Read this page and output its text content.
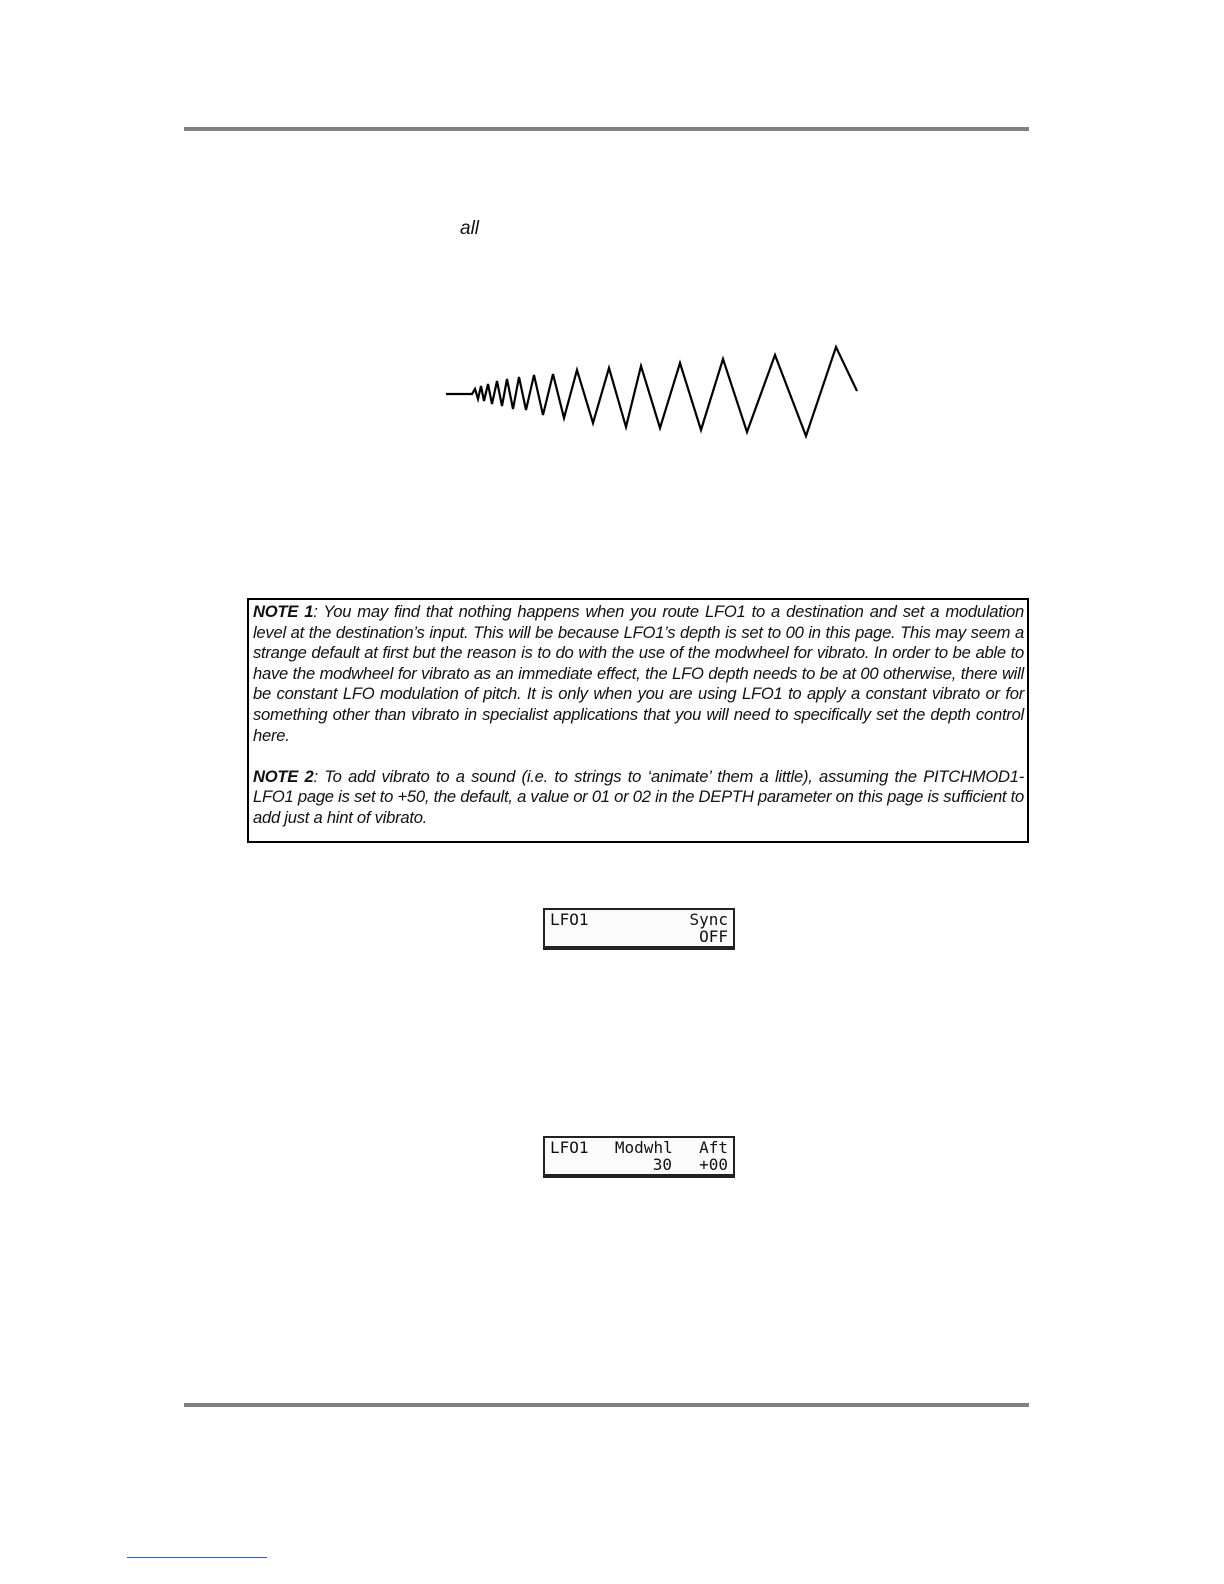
all

NOTE 1: You may find that nothing happens when you route LFO1 to a destination and set a modulation level at the destination’s input. This will be because LFO1’s depth is set to 00 in this page. This may seem a strange default at first but the reason is to do with the use of the modwheel for vibrato. In order to be able to have the modwheel for vibrato as an immediate effect, the LFO depth needs to be at 00 otherwise, there will be constant LFO modulation of pitch. It is only when you are using LFO1 to apply a constant vibrato or for something other than vibrato in specialist applications that you will need to specifically set the depth control here.

NOTE 2: To add vibrato to a sound (i.e. to strings to ‘animate’ them a little), assuming the PITCHMOD1-LFO1 page is set to +50, the default, a value or 01 or 02 in the DEPTH parameter on this page is sufficient to add just a hint of vibrato.

LFO1	Sync
OFF
LFO1 Modwhl Aft
30	+00
